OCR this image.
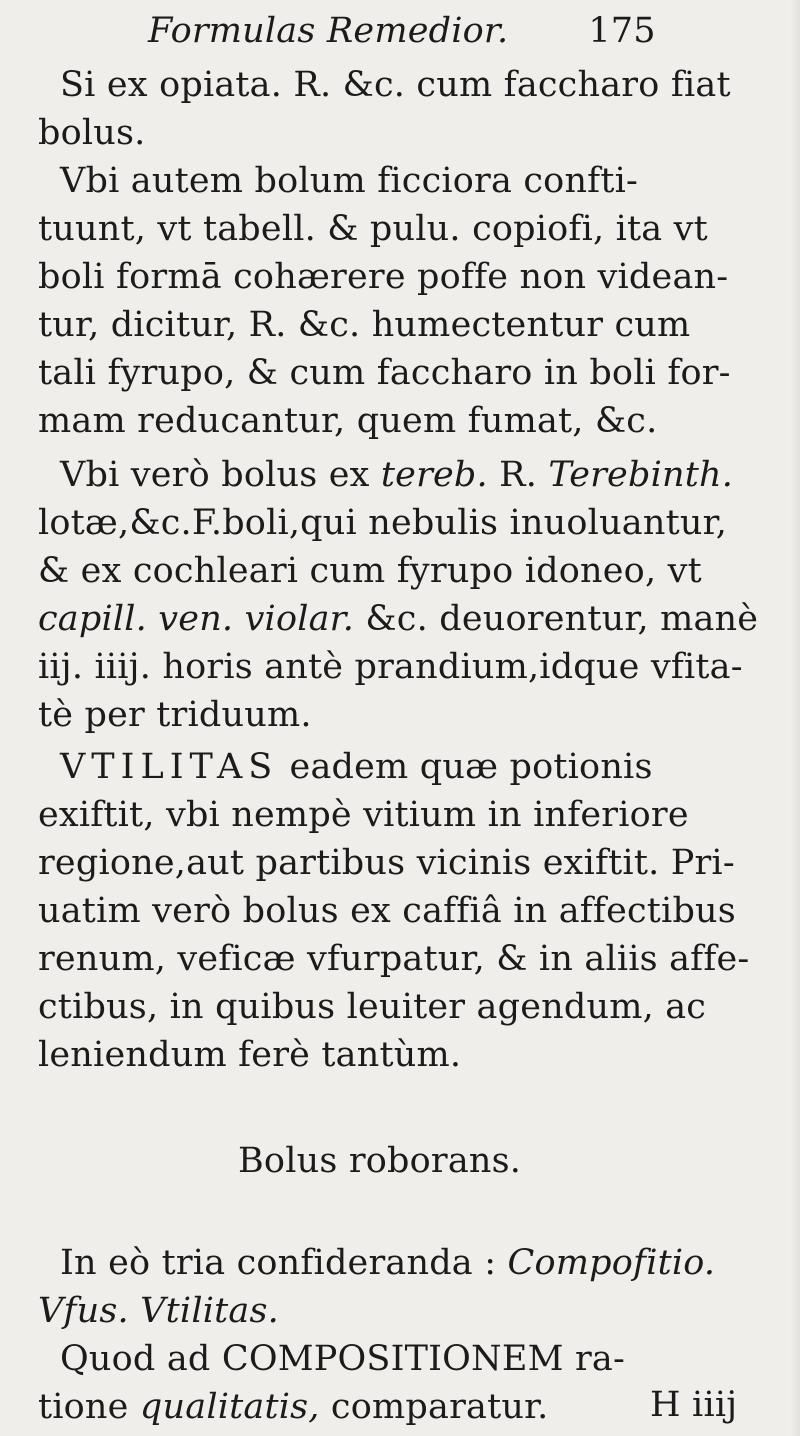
Formulas Remedior. 175
Si ex opiata. R. &c. cum faccharo fiat
bolus.
Vbi autem bolum ficciora confti-
tuunt, vt tabell. & pulu. copiofi, ita vt
boli formā cohærere poffe non videan-
tur, dicitur, R. &c. humectentur cum
tali fyrupo, & cum faccharo in boli for-
mam reducantur, quem fumat, &c.
Vbi verò bolus ex tereb. R. Terebinth.
lotæ,&c.F.boli,qui nebulis inuoluantur,
& ex cochleari cum fyrupo idoneo, vt
capill. ven. violar. &c. deuorentur, manè
iij. iiij. horis antè prandium,idque vfita-
tè per triduum.
VTILITAS eadem quæ potionis
exiftit, vbi nempè vitium in inferiore
regione,aut partibus vicinis exiftit. Pri-
uatim verò bolus ex caffiâ in affectibus
renum, veficæ vfurpatur, & in aliis affe-
ctibus, in quibus leuiter agendum, ac
leniendum ferè tantùm.
Bolus roborans.
In eò tria confideranda : Compofitio.
Vfus. Vtilitas.
Quod ad COMPOSITIONEM ra-
tione qualitatis, comparatur.	H iiij
